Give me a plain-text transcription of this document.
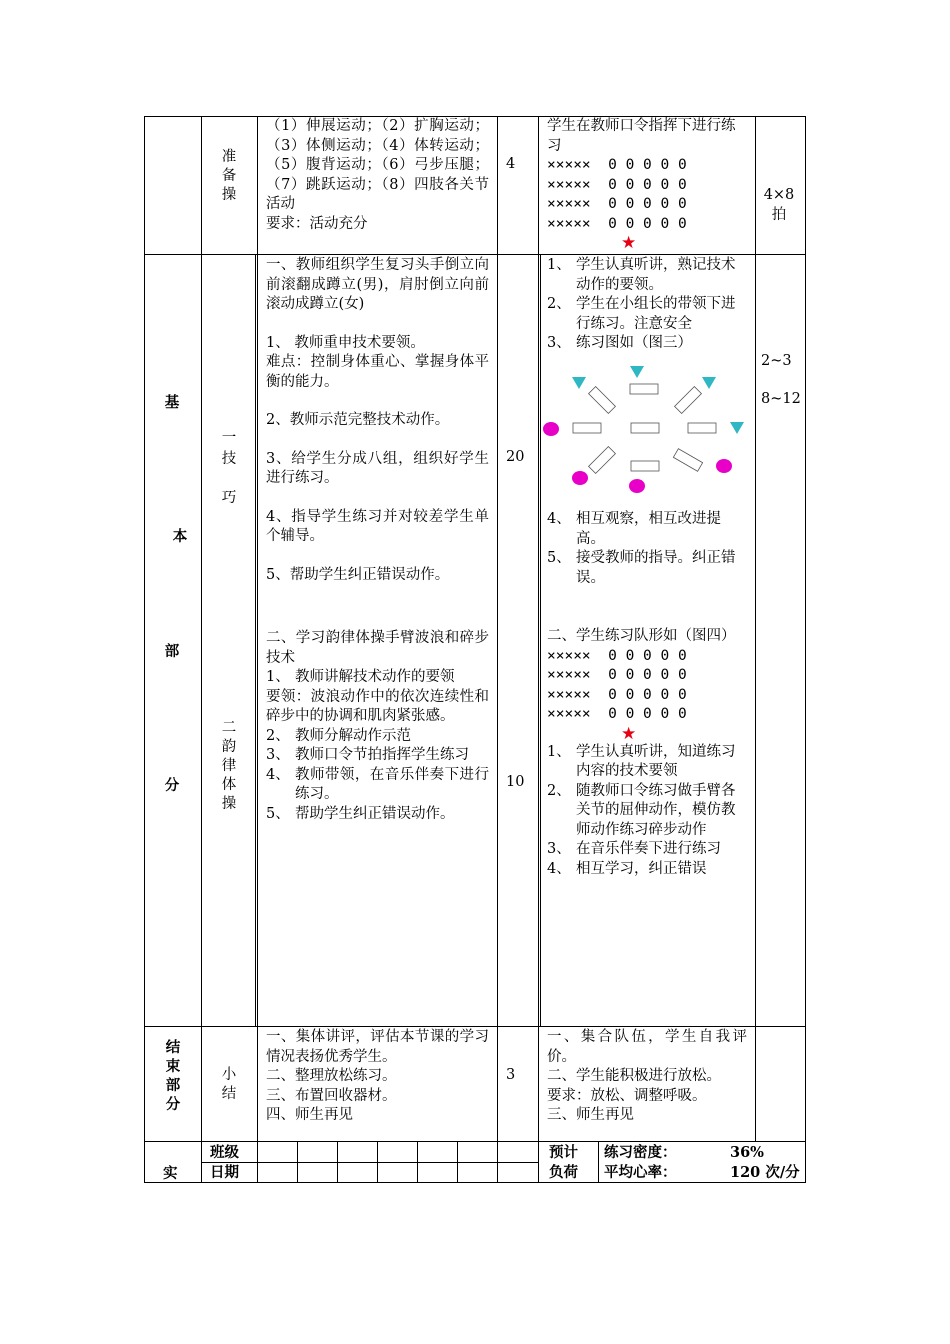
准备操
（1）伸展运动；（2）扩胸运动；（3）体侧运动；（4）体转运动；（5）腹背运动；（6）弓步压腿；（7）跳跃运动；（8）四肢各关节活动
要求：活动充分
4
学生在教师口令指挥下进行练习
×××××  0 0 0 0 0
×××××  0 0 0 0 0
×××××  0 0 0 0 0
×××××  0 0 0 0 0
★
4×8拍
基
本
部
分
一
技
巧
二
韵
律
体
操
一、教师组织学生复习头手倒立向前滚翻成蹲立(男)，肩肘倒立向前滚动成蹲立(女)
1、 教师重申技术要领。
难点：控制身体重心、掌握身体平衡的能力。
2、教师示范完整技术动作。
3、给学生分成八组，组织好学生进行练习。
4、指导学生练习并对较差学生单个辅导。
5、帮助学生纠正错误动作。
20
1、 学生认真听讲，熟记技术动作的要领。
2、 学生在小组长的带领下进行练习。注意安全
3、 练习图如（图三）
4、 相互观察，相互改进提高。
5、 接受教师的指导。纠正错误。
2~3
8~12
二、学习韵律体操手臂波浪和碎步技术
1、 教师讲解技术动作的要领
要领：波浪动作中的依次连续性和碎步中的协调和肌肉紧张感。
2、 教师分解动作示范
3、 教师口令节拍指挥学生练习
4、 教师带领，在音乐伴奏下进行练习。
5、 帮助学生纠正错误动作。
10
二、学生练习队形如（图四）
×××××  0 0 0 0 0
×××××  0 0 0 0 0
×××××  0 0 0 0 0
×××××  0 0 0 0 0
★
1、 学生认真听讲，知道练习内容的技术要领
2、 随教师口令练习做手臂各关节的屈伸动作，模仿教师动作练习碎步动作
3、 在音乐伴奏下进行练习
4、 相互学习，纠正错误
结
束
部
分
小
结
一、集体讲评，评估本节课的学习情况表扬优秀学生。
二、整理放松练习。
三、布置回收器材。
四、师生再见
3
一、集合队伍，学生自我评价。
二、学生能积极进行放松。
要求：放松、调整呼吸。
三、师生再见
实
班级
日期
预计
负荷
练习密度：	36%
平均心率：	120 次/分
